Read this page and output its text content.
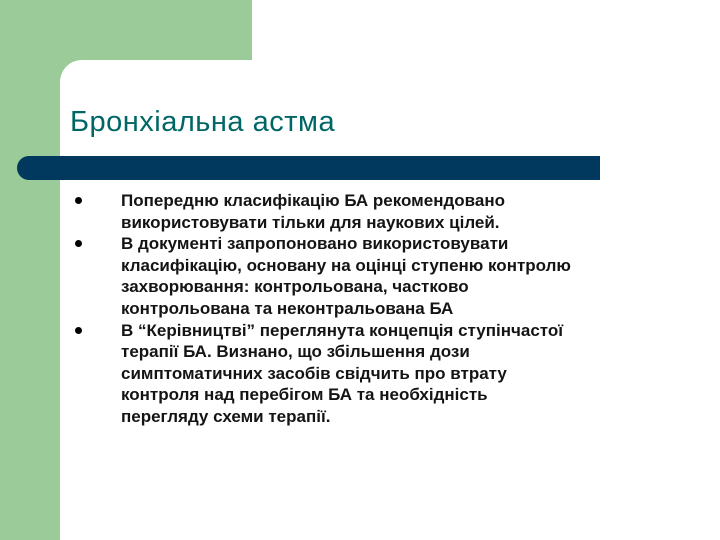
Бронхіальна астма
Попередню класифікацію БА рекомендовано
використовувати тільки для наукових цілей.
В документі запропоновано використовувати
класифікацію, основану на оцінці ступеню контролю
захворювання: контрольована, частково
контрольована та неконтральована БА
В “Керівництві” переглянута концепція ступінчастої
терапії БА. Визнано, що збільшення дози
симптоматичних засобів свідчить про втрату
контроля над перебігом БА та необхідність
перегляду схеми терапії.
